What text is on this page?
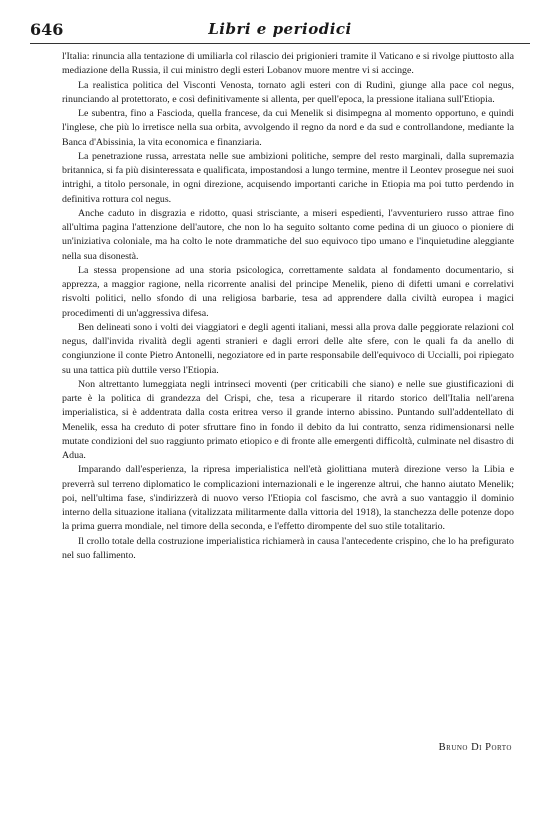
646	Libri e periodici

l'Italia: rinuncia alla tentazione di umiliarla col rilascio dei prigionieri tramite il Vaticano e si rivolge piuttosto alla mediazione della Russia, il cui ministro degli esteri Lobanov muore mentre vi si accinge.

La realistica politica del Visconti Venosta, tornato agli esteri con di Rudinì, giunge alla pace col negus, rinunciando al protettorato, e così definitivamente si allenta, per quell'epoca, la pressione italiana sull'Etiopia.

Le subentra, fino a Fascioda, quella francese, da cui Menelik si disimpegna al momento opportuno, e quindi l'inglese, che più lo irretisce nella sua orbita, avvolgendo il regno da nord e da sud e controllandone, mediante la Banca d'Abissinia, la vita economica e finanziaria.

La penetrazione russa, arrestata nelle sue ambizioni politiche, sempre del resto marginali, dalla supremazia britannica, si fa più disinteressata e qualificata, impostandosi a lungo termine, mentre il Leontev prosegue nei suoi intrighi, a titolo personale, in ogni direzione, acquisendo importanti cariche in Etiopia ma poi tutto perdendo in definitiva rottura col negus.

Anche caduto in disgrazia e ridotto, quasi strisciante, a miseri espedienti, l'avventuriero russo attrae fino all'ultima pagina l'attenzione dell'autore, che non lo ha seguito soltanto come pedina di un giuoco o pioniere di un'iniziativa coloniale, ma ha colto le note drammatiche del suo equivoco tipo umano e l'inquietudine aleggiante nella sua disonestà.

La stessa propensione ad una storia psicologica, correttamente saldata al fondamento documentario, si apprezza, a maggior ragione, nella ricorrente analisi del principe Menelik, pieno di difetti umani e correlativi risvolti politici, nello sfondo di una religiosa barbarie, tesa ad apprendere dalla civiltà europea i magici procedimenti di un'aggressiva difesa.

Ben delineati sono i volti dei viaggiatori e degli agenti italiani, messi alla prova dalle peggiorate relazioni col negus, dall'invida rivalità degli agenti stranieri e dagli errori delle alte sfere, con le quali fa da anello di congiunzione il conte Pietro Antonelli, negoziatore ed in parte responsabile dell'equivoco di Uccialli, poi ripiegato su una tattica più duttile verso l'Etiopia.

Non altrettanto lumeggiata negli intrinseci moventi (per criticabili che siano) e nelle sue giustificazioni di parte è la politica di grandezza del Crispi, che, tesa a ricuperare il ritardo storico dell'Italia nell'arena imperialistica, si è addentrata dalla costa eritrea verso il grande interno abissino. Puntando sull'addentellato di Menelik, essa ha creduto di poter sfruttare fino in fondo il debito da lui contratto, senza ridimensionarsi nelle mutate condizioni del suo raggiunto primato etiopico e di fronte alle emergenti difficoltà, culminate nel disastro di Adua.

Imparando dall'esperienza, la ripresa imperialistica nell'età giolittiana muterà direzione verso la Libia e preverrà sul terreno diplomatico le complicazioni internazionali e le ingerenze altrui, che hanno aiutato Menelik; poi, nell'ultima fase, s'indirizzerà di nuovo verso l'Etiopia col fascismo, che avrà a suo vantaggio il dominio interno della situazione italiana (vitalizzata militarmente dalla vittoria del 1918), la stanchezza delle potenze dopo la prima guerra mondiale, nel timore della seconda, e l'effetto dirompente del suo stile totalitario.

Il crollo totale della costruzione imperialistica richiamerà in causa l'antecedente crispino, che lo ha prefigurato nel suo fallimento.

Bruno Di Porto
